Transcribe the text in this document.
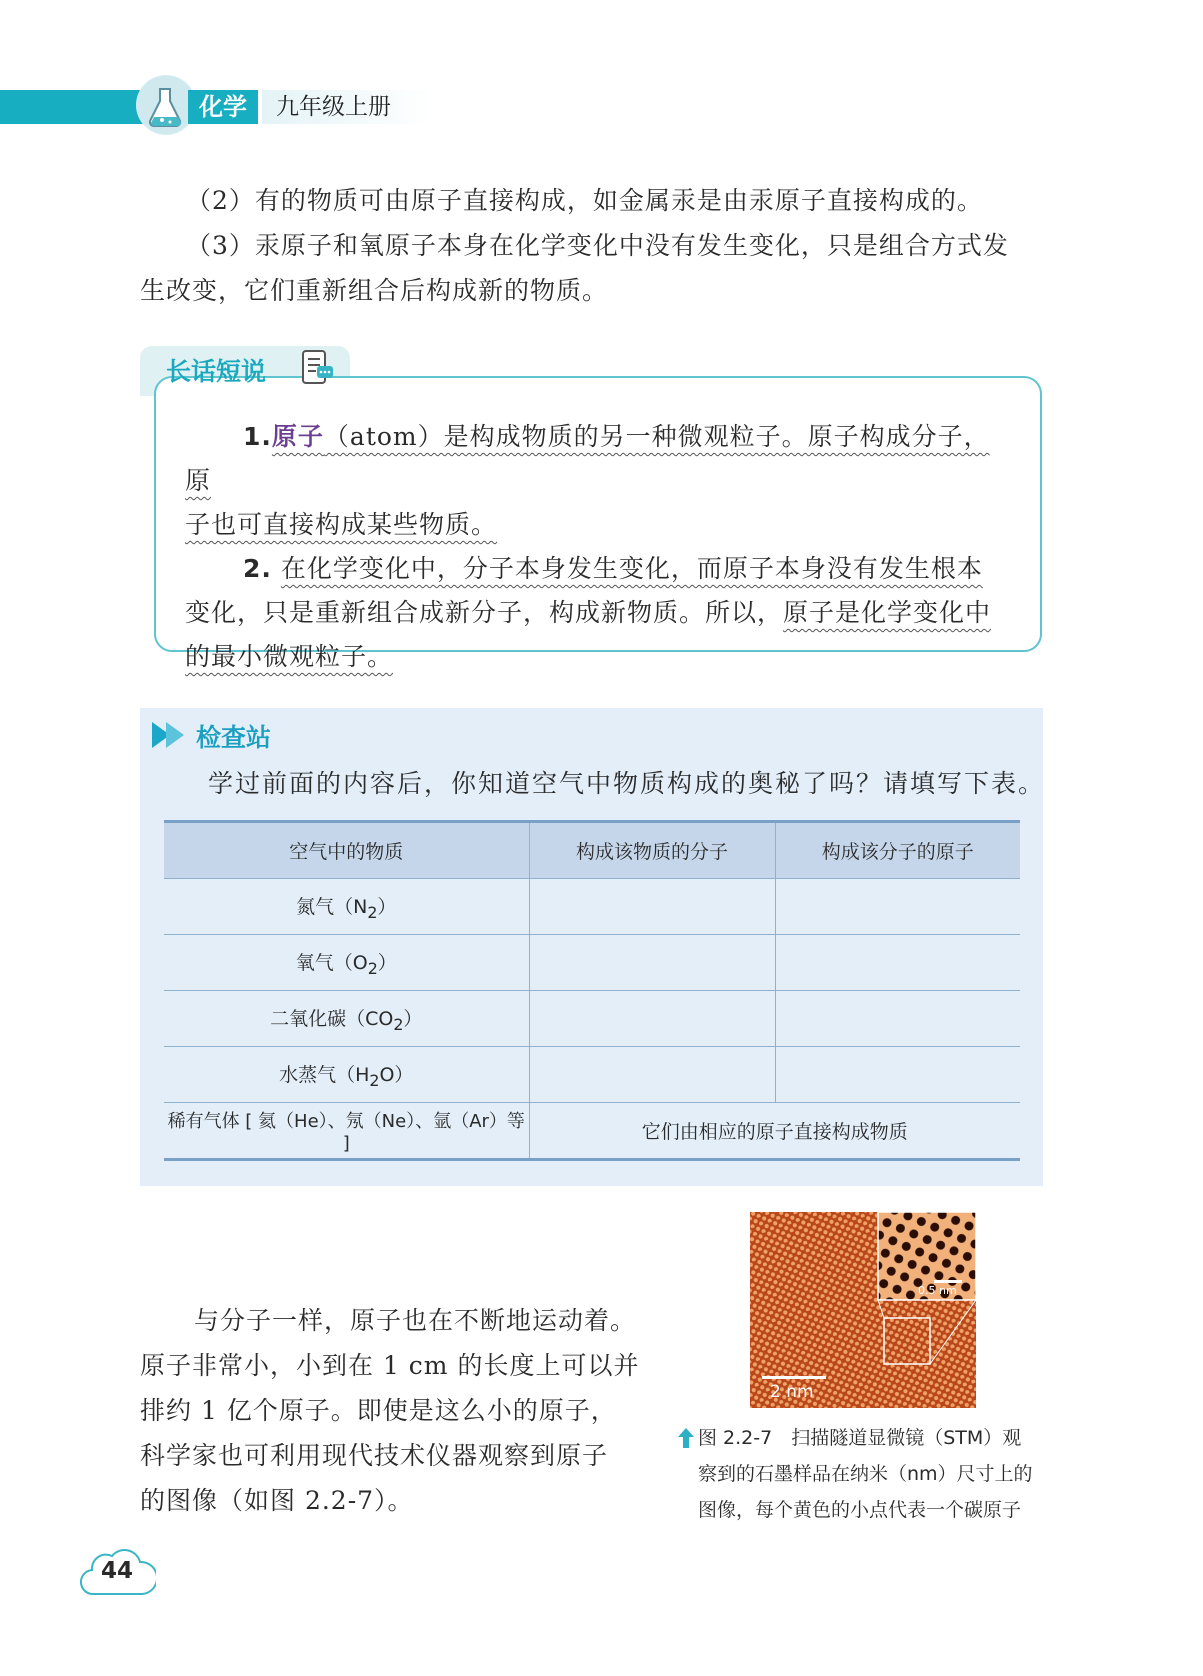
化学	九年级上册
（2）有的物质可由原子直接构成，如金属汞是由汞原子直接构成的。
（3）汞原子和氧原子本身在化学变化中没有发生变化，只是组合方式发
生改变，它们重新组合后构成新的物质。
长话短说
1.原子（atom）是构成物质的另一种微观粒子。原子构成分子，原
子也可直接构成某些物质。
2. 在化学变化中，分子本身发生变化，而原子本身没有发生根本
变化，只是重新组合成新分子，构成新物质。所以，原子是化学变化中
的最小微观粒子。
检查站
学过前面的内容后，你知道空气中物质构成的奥秘了吗？请填写下表。
空气中的物质	构成该物质的分子	构成该分子的原子
氮气$(N_2)$		
氧气$(O_2)$		
二氧化碳$(CO_2)$		
水蒸气$(H_2O)$		
稀有气体 [ 氦（He）、氖（Ne）、氩（Ar）等 ]	它们由相应的原子直接构成物质	
与分子一样，原子也在不断地运动着。
原子非常小，小到在 1 cm 的长度上可以并
排约 1 亿个原子。即使是这么小的原子，
科学家也可利用现代技术仪器观察到原子
的图像（如图 2.2-7）。
0.5 nm
2 nm
图 2.2-7　扫描隧道显微镜（STM）观
察到的石墨样品在纳米（nm）尺寸上的
图像，每个黄色的小点代表一个碳原子
44
